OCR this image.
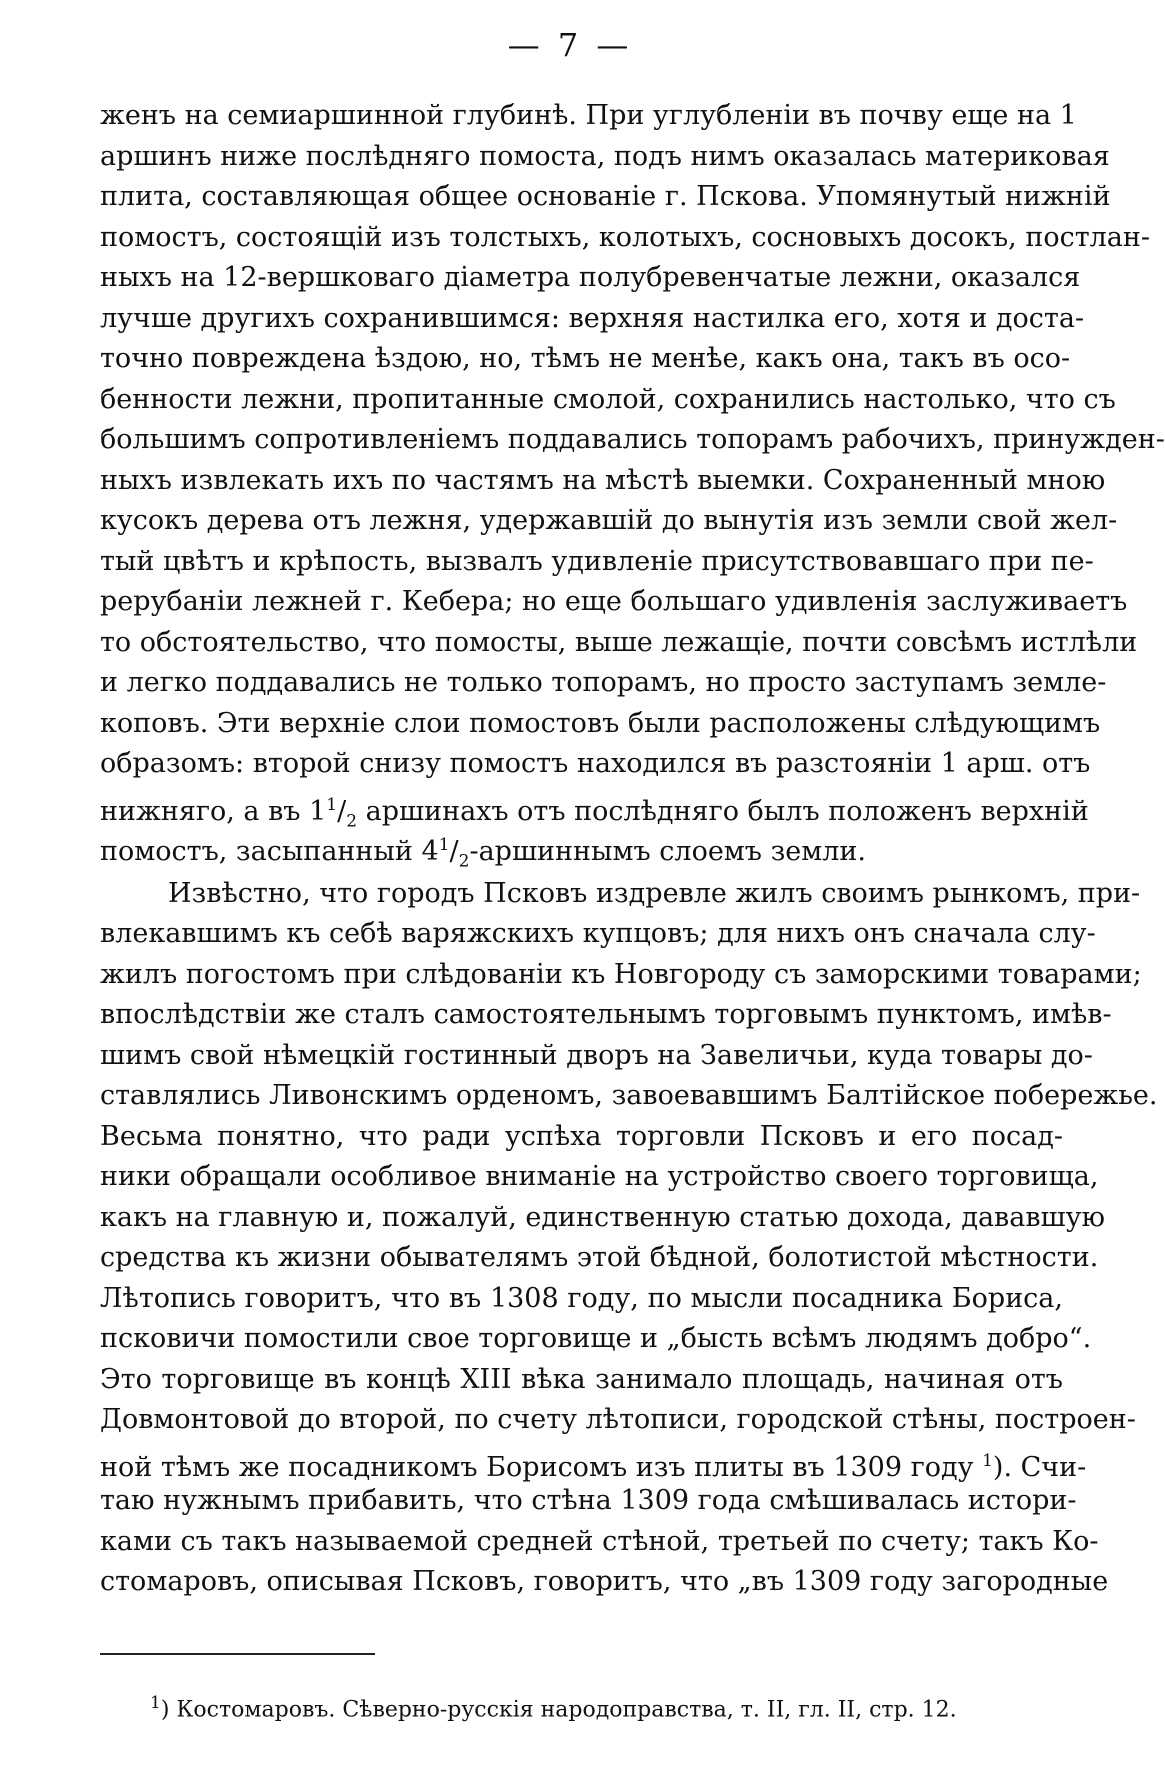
— 7 —
женъ на семиаршинной глубинѣ. При углубленіи въ почву еще на 1
аршинъ ниже послѣдняго помоста, подъ нимъ оказалась материковая
плита, составляющая общее основаніе г. Пскова. Упомянутый нижній
помостъ, состоящій изъ толстыхъ, колотыхъ, сосновыхъ досокъ, постлан-
ныхъ на 12-вершковаго діаметра полубревенчатые лежни, оказался
лучше другихъ сохранившимся: верхняя настилка его, хотя и доста-
точно повреждена ѣздою, но, тѣмъ не менѣе, какъ она, такъ въ осо-
бенности лежни, пропитанные смолой, сохранились настолько, что съ
большимъ сопротивленіемъ поддавались топорамъ рабочихъ, принужден-
ныхъ извлекать ихъ по частямъ на мѣстѣ выемки. Сохраненный мною
кусокъ дерева отъ лежня, удержавшій до вынутія изъ земли свой жел-
тый цвѣтъ и крѣпость, вызвалъ удивленіе присутствовавшаго при пе-
рерубаніи лежней г. Кебера; но еще большаго удивленія заслуживаетъ
то обстоятельство, что помосты, выше лежащіе, почти совсѣмъ истлѣли
и легко поддавались не только топорамъ, но просто заступамъ земле-
коповъ. Эти верхніе слои помостовъ были расположены слѣдующимъ
образомъ: второй снизу помостъ находился въ разстояніи 1 арш. отъ
нижняго, а въ $1^1/_2$ аршинахъ отъ послѣдняго былъ положенъ верхній
помостъ, засыпанный $4^1/_2$-аршиннымъ слоемъ земли.
Извѣстно, что городъ Псковъ издревле жилъ своимъ рынкомъ, при-
влекавшимъ къ себѣ варяжскихъ купцовъ; для нихъ онъ сначала слу-
жилъ погостомъ при слѣдованіи къ Новгороду съ заморскими товарами;
впослѣдствіи же сталъ самостоятельнымъ торговымъ пунктомъ, имѣв-
шимъ свой нѣмецкій гостинный дворъ на Завеличьи, куда товары до-
ставлялись Ливонскимъ орденомъ, завоевавшимъ Балтійское побережье.
Весьма понятно, что ради успѣха торговли Псковъ и его посад-
ники обращали особливое вниманіе на устройство своего торговища,
какъ на главную и, пожалуй, единственную статью дохода, дававшую
средства къ жизни обывателямъ этой бѣдной, болотистой мѣстности.
Лѣтопись говоритъ, что въ 1308 году, по мысли посадника Бориса,
псковичи помостили свое торговище и „бысть всѣмъ людямъ добро“.
Это торговище въ концѣ XIII вѣка занимало площадь, начиная отъ
Довмонтовой до второй, по счету лѣтописи, городской стѣны, построен-
ной тѣмъ же посадникомъ Борисомъ изъ плиты въ 1309 году $^1$). Счи-
таю нужнымъ прибавить, что стѣна 1309 года смѣшивалась истори-
ками съ такъ называемой средней стѣной, третьей по счету; такъ Ко-
стомаровъ, описывая Псковъ, говоритъ, что „въ 1309 году загородные
$^1$) Костомаровъ. Сѣверно-русскія народоправства, т. II, гл. II, стр. 12.
